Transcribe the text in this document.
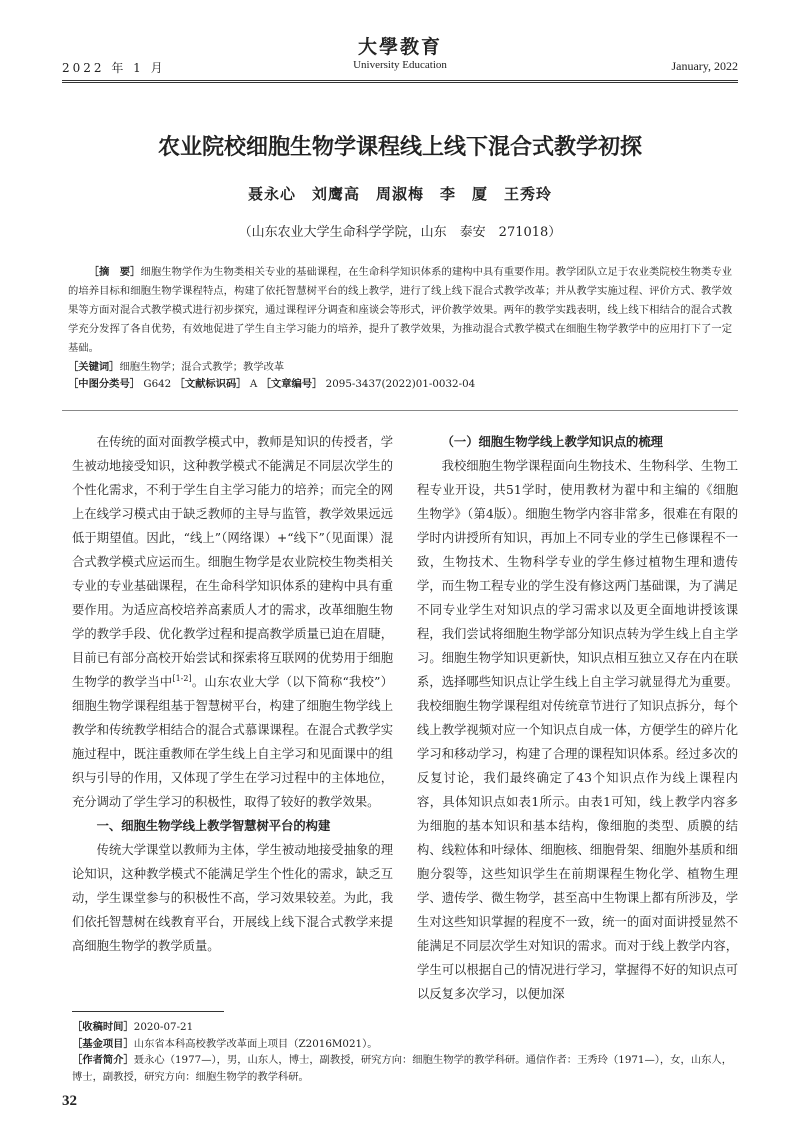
大學教育
University Education
2022 年 1 月	January, 2022
农业院校细胞生物学课程线上线下混合式教学初探
聂永心　刘鹰高　周淑梅　李　厦　王秀玲
（山东农业大学生命科学学院，山东　泰安　271018）
［摘　要］细胞生物学作为生物类相关专业的基础课程，在生命科学知识体系的建构中具有重要作用。教学团队立足于农业类院校生物类专业的培养目标和细胞生物学课程特点，构建了依托智慧树平台的线上教学，进行了线上线下混合式教学改革；并从教学实施过程、评价方式、教学效果等方面对混合式教学模式进行初步探究，通过课程评分调查和座谈会等形式，评价教学效果。两年的教学实践表明，线上线下相结合的混合式教学充分发挥了各自优势，有效地促进了学生自主学习能力的培养，提升了教学效果，为推动混合式教学模式在细胞生物学教学中的应用打下了一定基础。
［关键词］细胞生物学；混合式教学；教学改革
［中图分类号］ G642 ［文献标识码］ A ［文章编号］ 2095-3437(2022)01-0032-04

在传统的面对面教学模式中，教师是知识的传授者，学生被动地接受知识，这种教学模式不能满足不同层次学生的个性化需求，不利于学生自主学习能力的培养；而完全的网上在线学习模式由于缺乏教师的主导与监管，教学效果远远低于期望值。因此，“线上”（网络课）+“线下”（见面课）混合式教学模式应运而生。细胞生物学是农业院校生物类相关专业的专业基础课程，在生命科学知识体系的建构中具有重要作用。为适应高校培养高素质人才的需求，改革细胞生物学的教学手段、优化教学过程和提高教学质量已迫在眉睫，目前已有部分高校开始尝试和探索将互联网的优势用于细胞生物学的教学当中[1-2]。山东农业大学（以下简称“我校”）细胞生物学课程组基于智慧树平台，构建了细胞生物学线上教学和传统教学相结合的混合式慕课课程。在混合式教学实施过程中，既注重教师在学生线上自主学习和见面课中的组织与引导的作用，又体现了学生在学习过程中的主体地位，充分调动了学生学习的积极性，取得了较好的教学效果。

一、细胞生物学线上教学智慧树平台的构建

传统大学课堂以教师为主体，学生被动地接受抽象的理论知识，这种教学模式不能满足学生个性化的需求，缺乏互动，学生课堂参与的积极性不高，学习效果较差。为此，我们依托智慧树在线教育平台，开展线上线下混合式教学来提高细胞生物学的教学质量。

（一）细胞生物学线上教学知识点的梳理

我校细胞生物学课程面向生物技术、生物科学、生物工程专业开设，共51学时，使用教材为翟中和主编的《细胞生物学》（第4版）。细胞生物学内容非常多，很难在有限的学时内讲授所有知识，再加上不同专业的学生已修课程不一致，生物技术、生物科学专业的学生修过植物生理和遗传学，而生物工程专业的学生没有修这两门基础课，为了满足不同专业学生对知识点的学习需求以及更全面地讲授该课程，我们尝试将细胞生物学部分知识点转为学生线上自主学习。细胞生物学知识更新快，知识点相互独立又存在内在联系，选择哪些知识点让学生线上自主学习就显得尤为重要。我校细胞生物学课程组对传统章节进行了知识点拆分，每个线上教学视频对应一个知识点自成一体，方便学生的碎片化学习和移动学习，构建了合理的课程知识体系。经过多次的反复讨论，我们最终确定了43个知识点作为线上课程内容，具体知识点如表1所示。由表1可知，线上教学内容多为细胞的基本知识和基本结构，像细胞的类型、质膜的结构、线粒体和叶绿体、细胞核、细胞骨架、细胞外基质和细胞分裂等，这些知识学生在前期课程生物化学、植物生理学、遗传学、微生物学，甚至高中生物课上都有所涉及，学生对这些知识掌握的程度不一致，统一的面对面讲授显然不能满足不同层次学生对知识的需求。而对于线上教学内容，学生可以根据自己的情况进行学习，掌握得不好的知识点可以反复多次学习，以便加深

［收稿时间］2020-07-21
［基金项目］山东省本科高校教学改革面上项目（Z2016M021）。
［作者简介］聂永心（1977—），男，山东人，博士，副教授，研究方向：细胞生物学的教学科研。通信作者：王秀玲（1971—），女，山东人，博士，副教授，研究方向：细胞生物学的教学科研。
32
